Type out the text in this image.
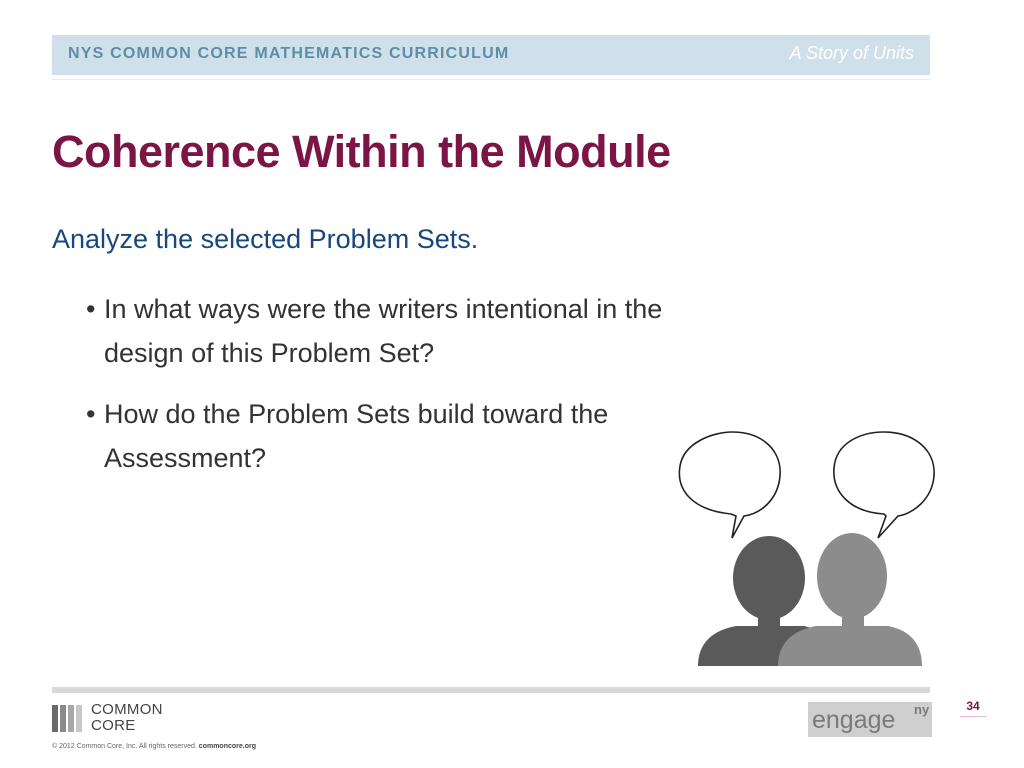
NYS COMMON CORE MATHEMATICS CURRICULUM	A Story of Units
Coherence Within the Module
Analyze the selected Problem Sets.
• In what ways were the writers intentional in the design of this Problem Set?
• How do the Problem Sets build toward the Assessment?
COMMON
CORE
© 2012 Common Core, Inc. All rights reserved. commoncore.org
engage ny	34
